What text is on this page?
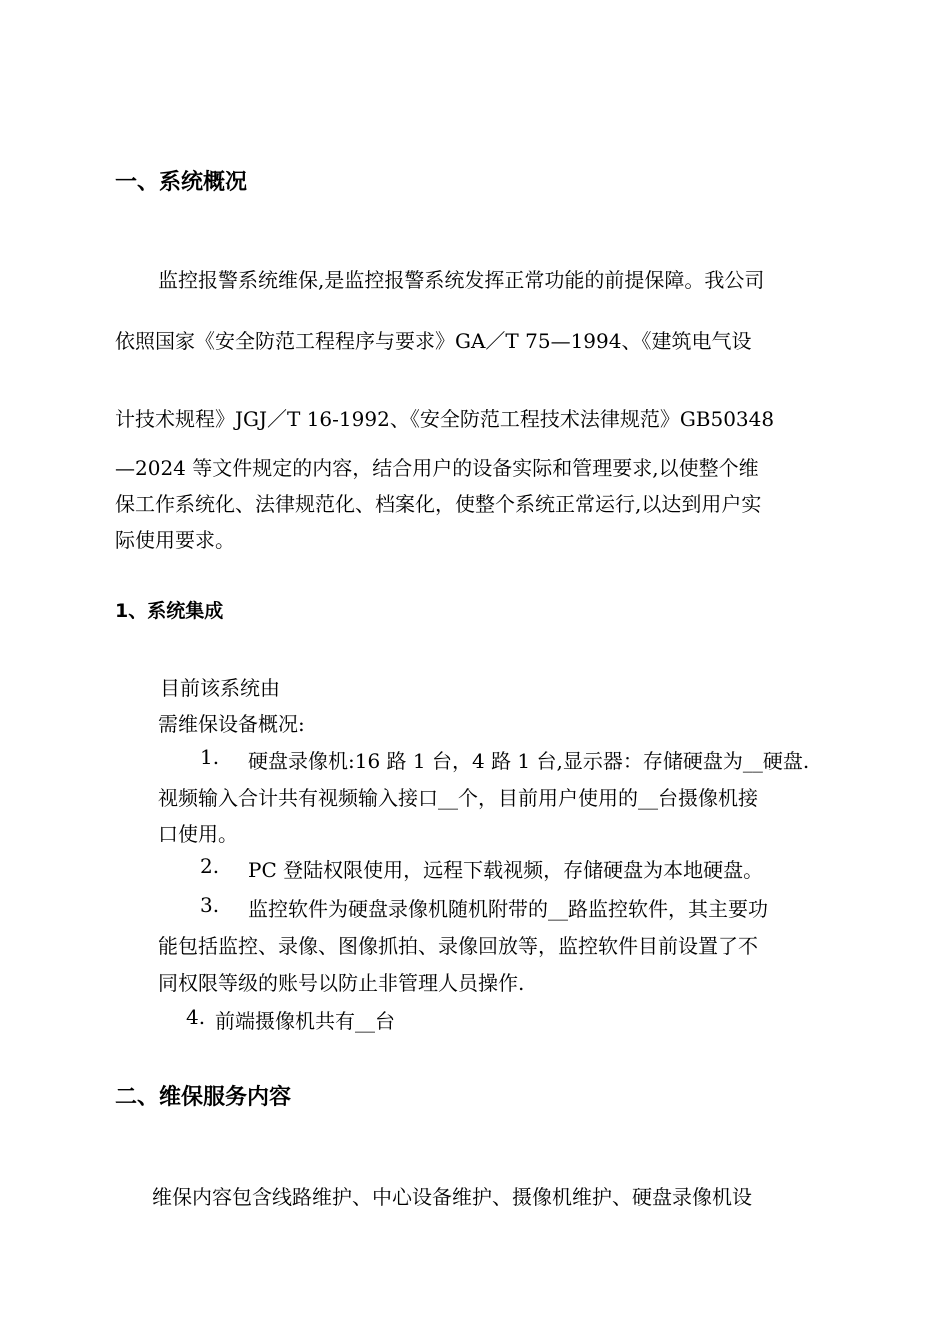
一、系统概况
监控报警系统维保,是监控报警系统发挥正常功能的前提保障。我公司
依照国家《安全防范工程程序与要求》GA／T 75—1994、《建筑电气设
计技术规程》JGJ／T 16-1992、《安全防范工程技术法律规范》GB50348
—2024 等文件规定的内容，结合用户的设备实际和管理要求,以使整个维
保工作系统化、法律规范化、档案化，使整个系统正常运行,以达到用户实
际使用要求。
1、系统集成
目前该系统由
需维保设备概况:
1. 硬盘录像机:16 路 1 台，4 路 1 台,显示器：存储硬盘为__硬盘.
视频输入合计共有视频输入接口__个，目前用户使用的__台摄像机接
口使用。
2. PC 登陆权限使用，远程下载视频，存储硬盘为本地硬盘。
3. 监控软件为硬盘录像机随机附带的__路监控软件，其主要功
能包括监控、录像、图像抓拍、录像回放等，监控软件目前设置了不
同权限等级的账号以防止非管理人员操作.
4. 前端摄像机共有__台
二、维保服务内容
维保内容包含线路维护、中心设备维护、摄像机维护、硬盘录像机设
